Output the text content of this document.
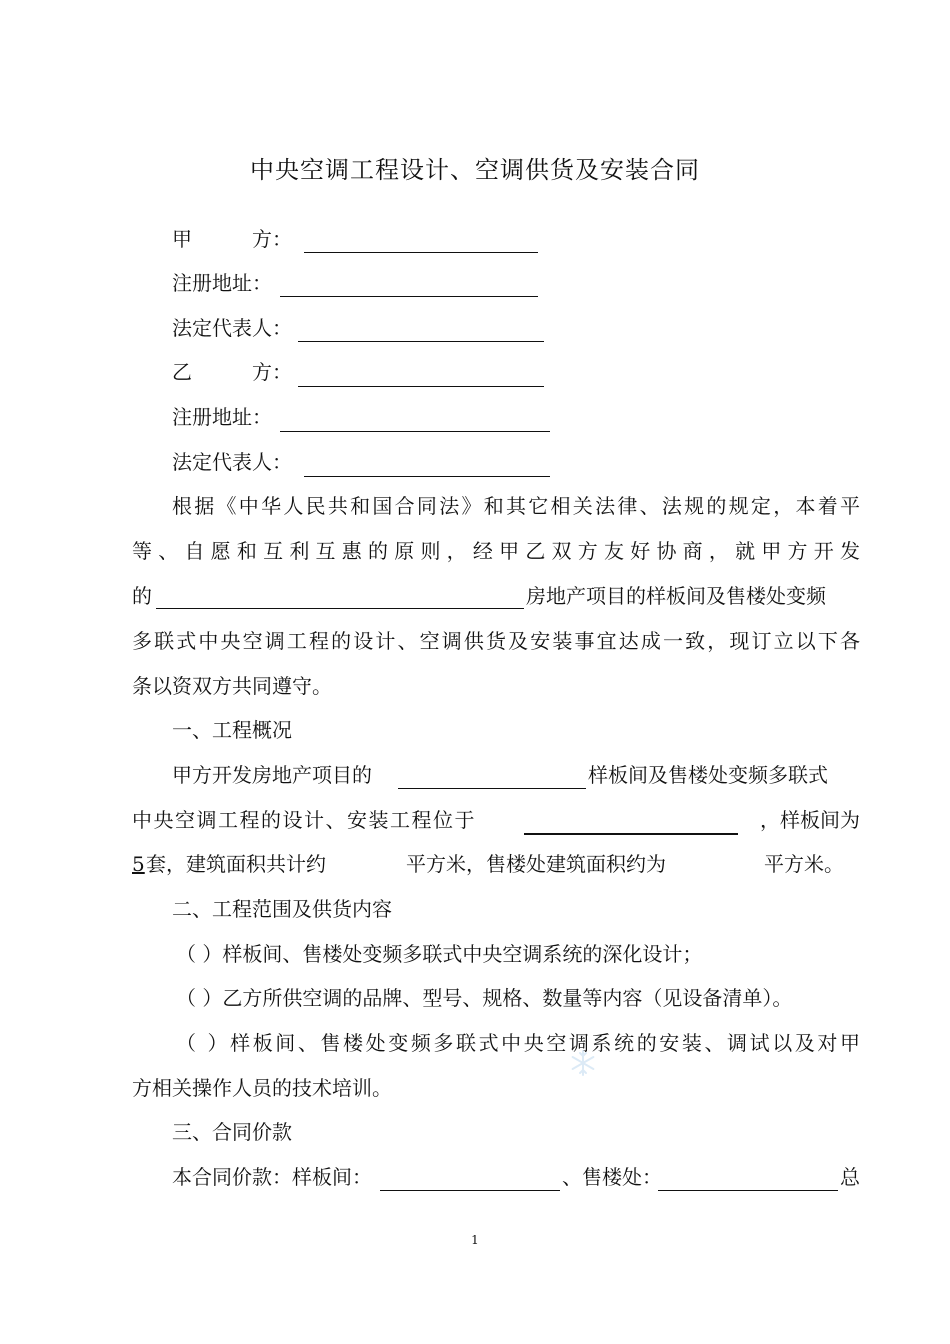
中央空调工程设计、空调供货及安装合同
甲　　　方：
注册地址：
法定代表人：
乙　　　方：
注册地址：
法定代表人：
根据《中华人民共和国合同法》和其它相关法律、法规的规定，本着平
等、自愿和互利互惠的原则，经甲乙双方友好协商，就甲方开发
的	房地产项目的样板间及售楼处变频
多联式中央空调工程的设计、空调供货及安装事宜达成一致，现订立以下各
条以资双方共同遵守。
一、工程概况
甲方开发房地产项目的	样板间及售楼处变频多联式
中央空调工程的设计、安装工程位于	，样板间为
5 套，建筑面积共计约	平方米，售楼处建筑面积约为	平方米。
二、工程范围及供货内容
（ ）样板间、售楼处变频多联式中央空调系统的深化设计；
（ ）乙方所供空调的品牌、型号、规格、数量等内容（见设备清单）。
（ ）样板间、售楼处变频多联式中央空调系统的安装、调试以及对甲
方相关操作人员的技术培训。
三、合同价款
本合同价款：样板间：	、售楼处：	总
1
